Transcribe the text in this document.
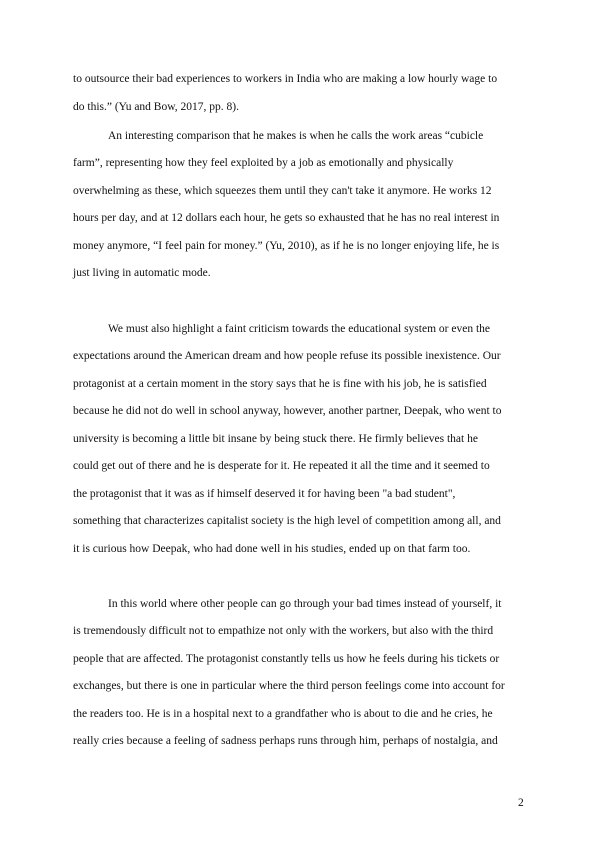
to outsource their bad experiences to workers in India who are making a low hourly wage to
do this.” (Yu and Bow, 2017, pp. 8).
An interesting comparison that he makes is when he calls the work areas “cubicle
farm”, representing how they feel exploited by a job as emotionally and physically
overwhelming as these, which squeezes them until they can't take it anymore. He works 12
hours per day, and at 12 dollars each hour, he gets so exhausted that he has no real interest in
money anymore, “I feel pain for money.” (Yu, 2010), as if he is no longer enjoying life, he is
just living in automatic mode.
We must also highlight a faint criticism towards the educational system or even the
expectations around the American dream and how people refuse its possible inexistence. Our
protagonist at a certain moment in the story says that he is fine with his job, he is satisfied
because he did not do well in school anyway, however, another partner, Deepak, who went to
university is becoming a little bit insane by being stuck there. He firmly believes that he
could get out of there and he is desperate for it. He repeated it all the time and it seemed to
the protagonist that it was as if himself deserved it for having been "a bad student",
something that characterizes capitalist society is the high level of competition among all, and
it is curious how Deepak, who had done well in his studies, ended up on that farm too.
In this world where other people can go through your bad times instead of yourself, it
is tremendously difficult not to empathize not only with the workers, but also with the third
people that are affected. The protagonist constantly tells us how he feels during his tickets or
exchanges, but there is one in particular where the third person feelings come into account for
the readers too. He is in a hospital next to a grandfather who is about to die and he cries, he
really cries because a feeling of sadness perhaps runs through him, perhaps of nostalgia, and
2
